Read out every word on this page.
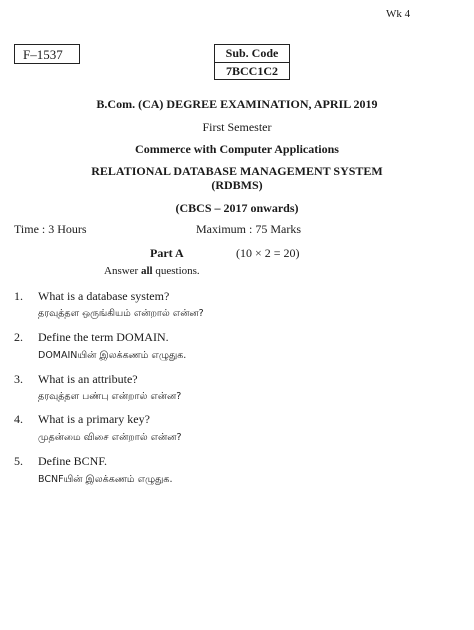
Wk 4
F–1537	Sub. Code
7BCC1C2
B.Com. (CA) DEGREE EXAMINATION, APRIL 2019
First Semester
Commerce with Computer Applications
RELATIONAL DATABASE MANAGEMENT SYSTEM
(RDBMS)
(CBCS – 2017 onwards)
Time : 3 Hours	Maximum : 75 Marks
Part A	(10 × 2 = 20)
Answer all questions.
1. What is a database system?
தரவுத்தள ஒருங்கியம் என்றால் என்ன?
2. Define the term DOMAIN.
DOMAINயின் இலக்கணம் எழுதுக.
3. What is an attribute?
தரவுத்தள பண்பு என்றால் என்ன?
4. What is a primary key?
முதன்மை விசை என்றால் என்ன?
5. Define BCNF.
BCNFயின் இலக்கணம் எழுதுக.
